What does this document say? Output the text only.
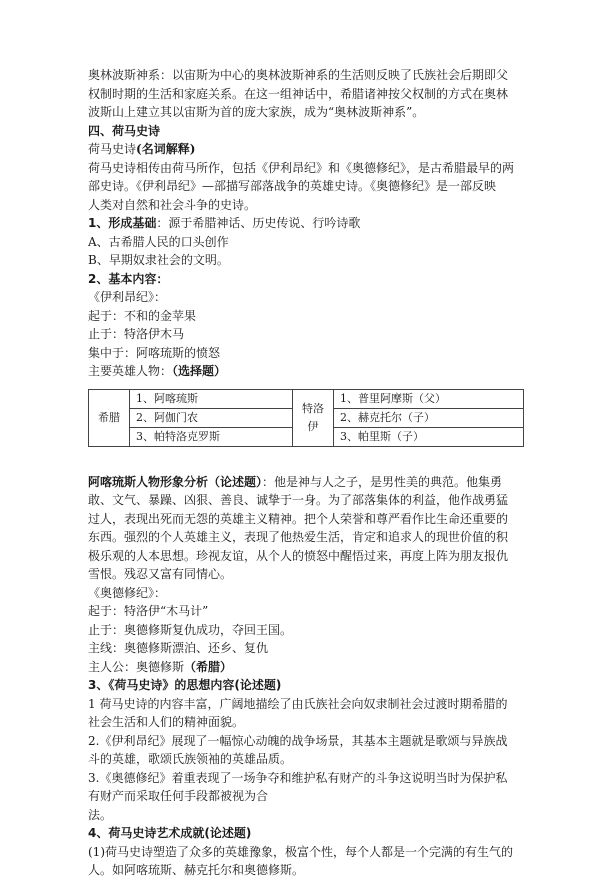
奥林波斯神系：以宙斯为中心的奥林波斯神系的生活则反映了氏族社会后期即父

权制时期的生活和家庭关系。在这一组神话中，希腊诸神按父权制的方式在奥林

波斯山上建立其以宙斯为首的庞大家族，成为“奥林波斯神系”。

四、荷马史诗

荷马史诗(名词解释)

荷马史诗相传由荷马所作，包括《伊利昂纪》和《奥德修纪》，是古希腊最早的两

部史诗。《伊利昂纪》—部描写部落战争的英雄史诗。《奥德修纪》是一部反映

人类对自然和社会斗争的史诗。

1、形成基础：源于希腊神话、历史传说、行吟诗歌

A、古希腊人民的口头创作

B、早期奴隶社会的文明。

2、基本内容：

《伊利昂纪》：

起于：不和的金苹果

止于：特洛伊木马

集中于：阿喀琉斯的愤怒

主要英雄人物：（选择题）

希腊	1、阿喀琉斯	特洛伊	1、普里阿摩斯（父）
	2、阿伽门农		2、赫克托尔（子）
	3、帕特洛克罗斯		3、帕里斯（子）

阿喀琉斯人物形象分析（论述题）：他是神与人之子，是男性美的典范。他集勇

敢、文气、暴躁、凶狠、善良、诚挚于一身。为了部落集体的利益，他作战勇猛

过人，表现出死而无怨的英雄主义精神。把个人荣誉和尊严看作比生命还重要的

东西。强烈的个人英雄主义，表现了他热爱生活，肯定和追求人的现世价值的积

极乐观的人本思想。珍视友谊，从个人的愤怒中醒悟过来，再度上阵为朋友报仇

雪恨。残忍又富有同情心。

《奥德修纪》：

起于：特洛伊“木马计”

止于：奥德修斯复仇成功，夺回王国。

主线：奥德修斯漂泊、还乡、复仇

主人公：奥德修斯（希腊）

3、《荷马史诗》的思想内容(论述题)

1 荷马史诗的内容丰富，广阔地描绘了由氏族社会向奴隶制社会过渡时期希腊的

社会生活和人们的精神面貌。

2.《伊利昂纪》展现了一幅惊心动魄的战争场景，其基本主题就是歌颂与异族战

斗的英雄，歌颂氏族领袖的英雄品质。

3.《奥德修纪》着重表现了一场争夺和维护私有财产的斗争这说明当时为保护私

有财产而采取任何手段都被视为合

法。

4、荷马史诗艺术成就(论述题)

(1)荷马史诗塑造了众多的英雄豫象，极富个性，每个人都是一个完满的有生气的

人。如阿喀琉斯、赫克托尔和奥德修斯。
